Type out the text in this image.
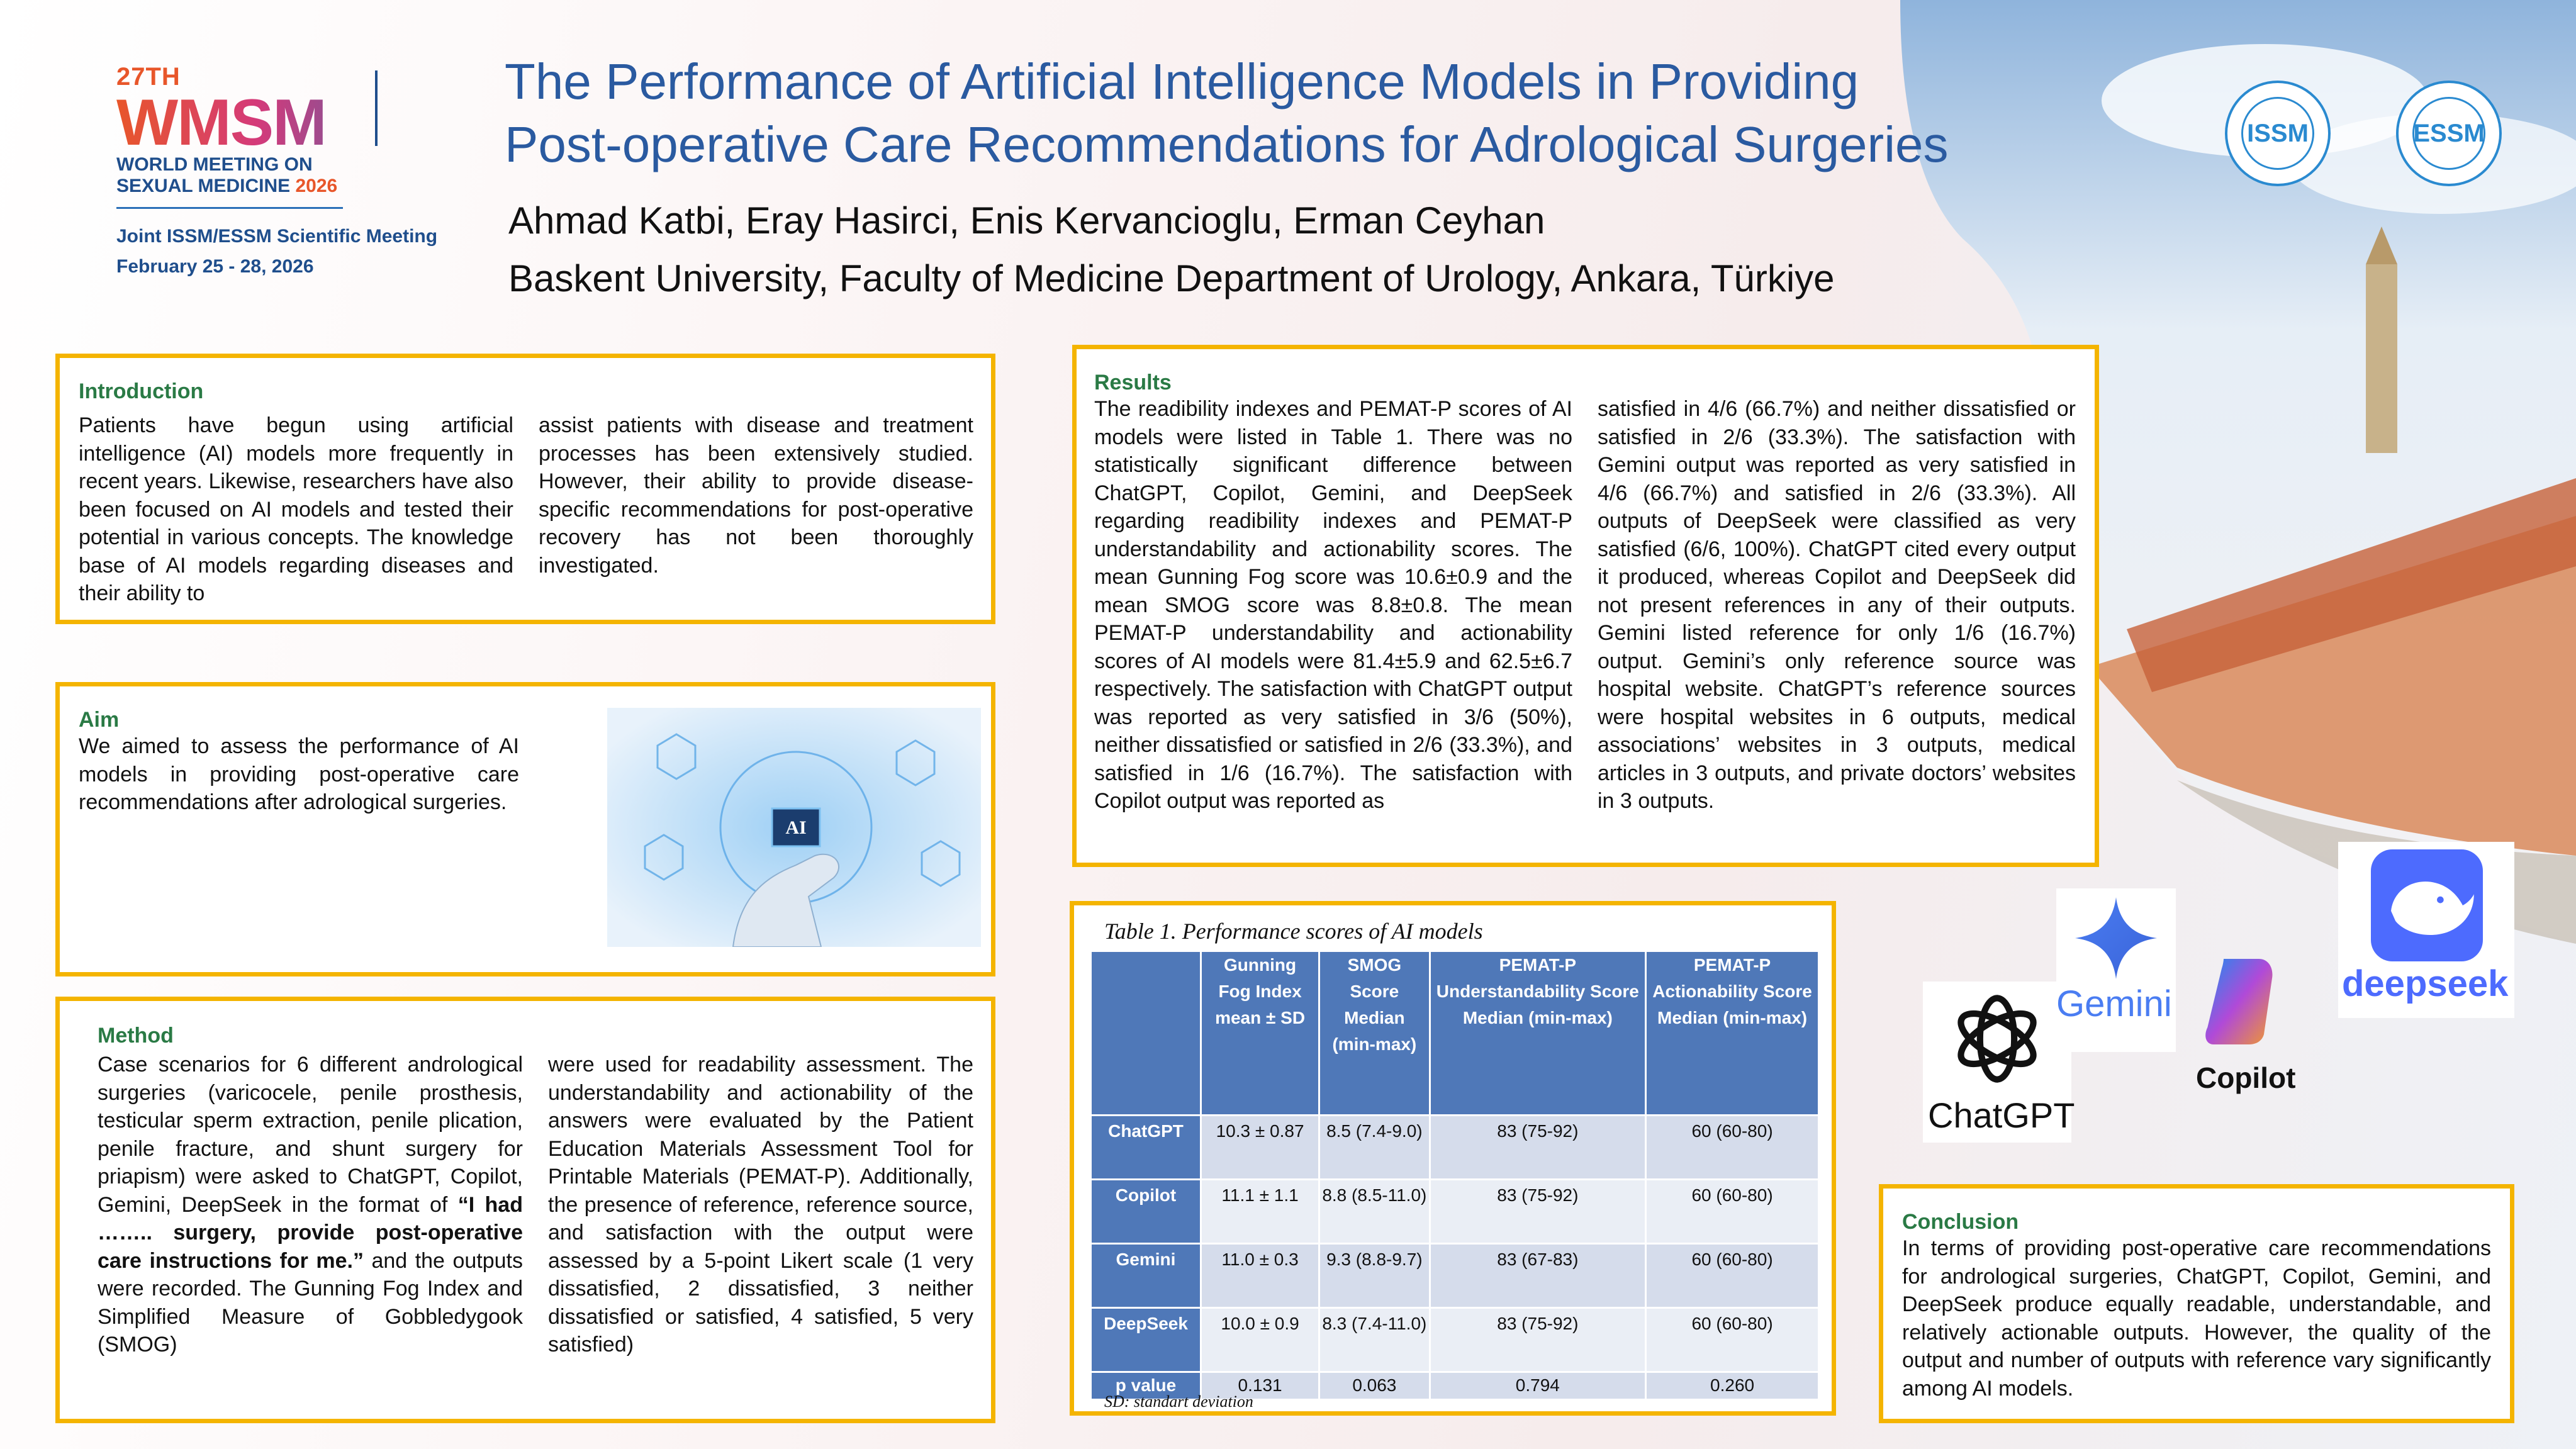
27TH
WMSM
WORLD MEETING ON
SEXUAL MEDICINE 2026
Joint ISSM/ESSM Scientific Meeting
February 25 - 28, 2026
The Performance of Artificial Intelligence Models in Providing
Post-operative Care Recommendations for Adrological Surgeries
Ahmad Katbi, Eray Hasirci, Enis Kervancioglu, Erman Ceyhan
Baskent University, Faculty of Medicine Department of Urology, Ankara, Türkiye
ISSM	ESSM
Introduction

Patients have begun using artificial intelligence (AI) models more frequently in recent years. Likewise, researchers have also been focused on AI models and tested their potential in various concepts. The knowledge base of AI models regarding diseases and their ability to

assist patients with disease and treatment processes has been extensively studied. However, their ability to provide disease-specific recommendations for post-operative recovery has not been thoroughly investigated.

Aim

We aimed to assess the performance of AI models in providing post-operative care recommendations after adrological surgeries.

AI
Method

Case scenarios for 6 different andrological surgeries (varicocele, penile prosthesis, testicular sperm extraction, penile plication, penile fracture, and shunt surgery for priapism) were asked to ChatGPT, Copilot, Gemini, DeepSeek in the format of “I had …….. surgery, provide post-operative care instructions for me.” and the outputs were recorded. The Gunning Fog Index and Simplified Measure of Gobbledygook (SMOG)

were used for readability assessment. The understandability and actionability of the answers were evaluated by the Patient Education Materials Assessment Tool for Printable Materials (PEMAT-P). Additionally, the presence of reference, reference source, and satisfaction with the output were assessed by a 5-point Likert scale (1 very dissatisfied, 2 dissatisfied, 3 neither dissatisfied or satisfied, 4 satisfied, 5 very satisfied)

Results

The readibility indexes and PEMAT-P scores of AI models were listed in Table 1. There was no statistically significant difference between ChatGPT, Copilot, Gemini, and DeepSeek regarding readibility indexes and PEMAT-P understandability and actionability scores. The mean Gunning Fog score was 10.6±0.9 and the mean SMOG score was 8.8±0.8. The mean PEMAT-P understandability and actionability scores of AI models were 81.4±5.9 and 62.5±6.7 respectively. The satisfaction with ChatGPT output was reported as very satisfied in 3/6 (50%), neither dissatisfied or satisfied in 2/6 (33.3%), and satisfied in 1/6 (16.7%). The satisfaction with Copilot output was reported as

satisfied in 4/6 (66.7%) and neither dissatisfied or satisfied in 2/6 (33.3%). The satisfaction with Gemini output was reported as very satisfied in 4/6 (66.7%) and satisfied in 2/6 (33.3%). All outputs of DeepSeek were classified as very satisfied (6/6, 100%). ChatGPT cited every output it produced, whereas Copilot and DeepSeek did not present references in any of their outputs. Gemini listed reference for only 1/6 (16.7%) output. Gemini’s only reference source was hospital website. ChatGPT’s reference sources were hospital websites in 6 outputs, medical associations’ websites in 3 outputs, medical articles in 3 outputs, and private doctors’ websites in 3 outputs.

Table 1. Performance scores of AI models
	Gunning Fog Index mean ± SD	SMOG Score Median (min-max)	PEMAT-P Understandability Score Median (min-max)	PEMAT-P Actionability Score Median (min-max)
ChatGPT	10.3 ± 0.87	8.5 (7.4-9.0)	83 (75-92)	60 (60-80)
Copilot	11.1 ± 1.1	8.8 (8.5-11.0)	83 (75-92)	60 (60-80)
Gemini	11.0 ± 0.3	9.3 (8.8-9.7)	83 (67-83)	60 (60-80)
DeepSeek	10.0 ± 0.9	8.3 (7.4-11.0)	83 (75-92)	60 (60-80)
p value	0.131	0.063	0.794	0.260
SD: standart deviation
ChatGPT
Gemini
Copilot
deepseek
Conclusion

In terms of providing post-operative care recommendations for andrological surgeries, ChatGPT, Copilot, Gemini, and DeepSeek produce equally readable, understandable, and relatively actionable outputs. However, the quality of the output and number of outputs with reference vary significantly among AI models.
